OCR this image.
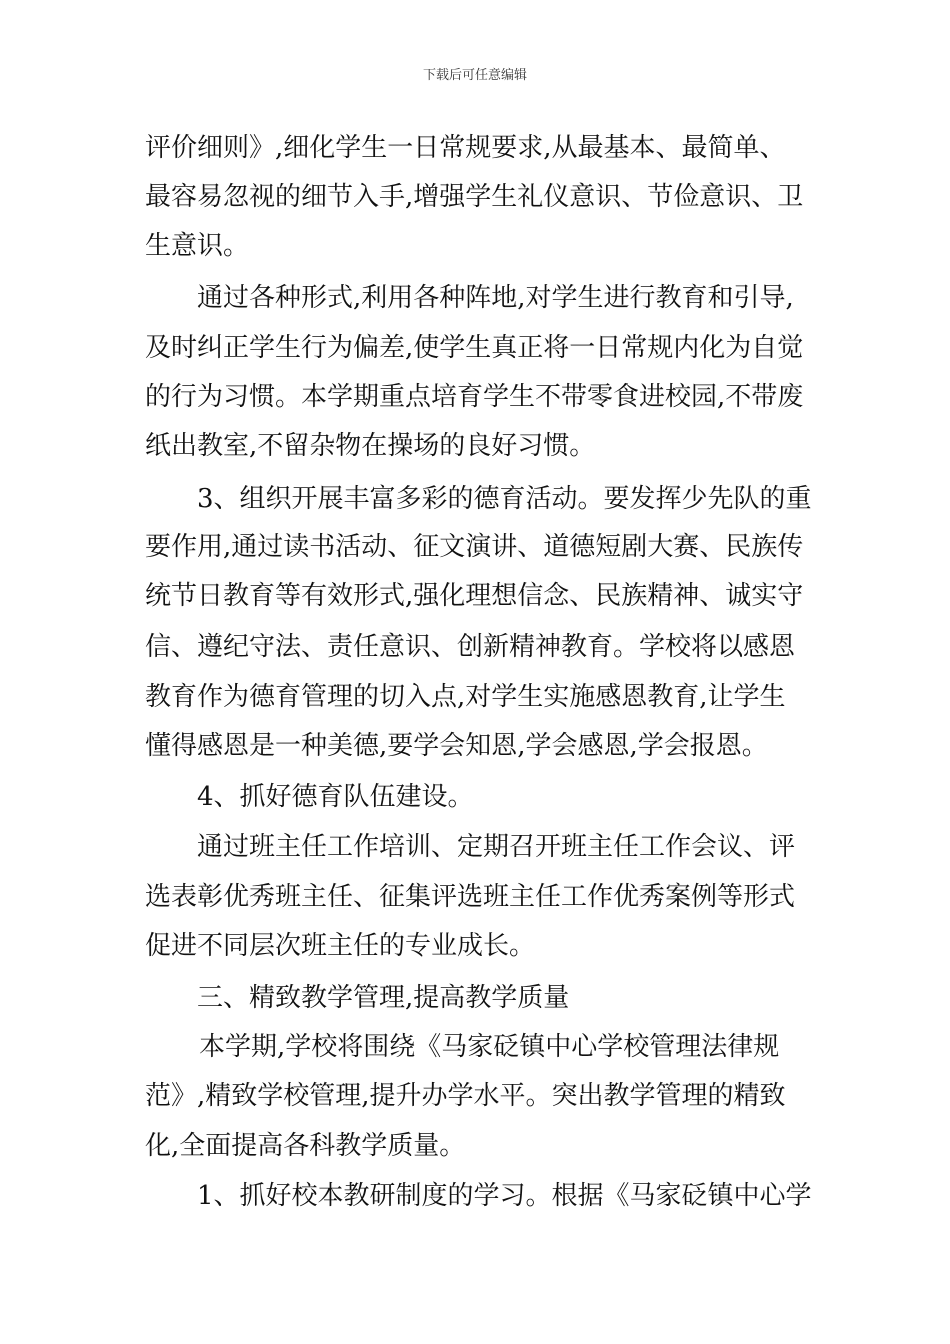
下载后可任意编辑
评价细则》,细化学生一日常规要求,从最基本、最简单、
最容易忽视的细节入手,增强学生礼仪意识、节俭意识、卫
生意识。
通过各种形式,利用各种阵地,对学生进行教育和引导,
及时纠正学生行为偏差,使学生真正将一日常规内化为自觉
的行为习惯。本学期重点培育学生不带零食进校园,不带废
纸出教室,不留杂物在操场的良好习惯。
3、组织开展丰富多彩的德育活动。要发挥少先队的重
要作用,通过读书活动、征文演讲、道德短剧大赛、民族传
统节日教育等有效形式,强化理想信念、民族精神、诚实守
信、遵纪守法、责任意识、创新精神教育。学校将以感恩
教育作为德育管理的切入点,对学生实施感恩教育,让学生
懂得感恩是一种美德,要学会知恩,学会感恩,学会报恩。
4、抓好德育队伍建设。
通过班主任工作培训、定期召开班主任工作会议、评
选表彰优秀班主任、征集评选班主任工作优秀案例等形式
促进不同层次班主任的专业成长。
三、精致教学管理,提高教学质量
本学期,学校将围绕《马家砭镇中心学校管理法律规
范》,精致学校管理,提升办学水平。突出教学管理的精致
化,全面提高各科教学质量。
1、抓好校本教研制度的学习。根据《马家砭镇中心学
